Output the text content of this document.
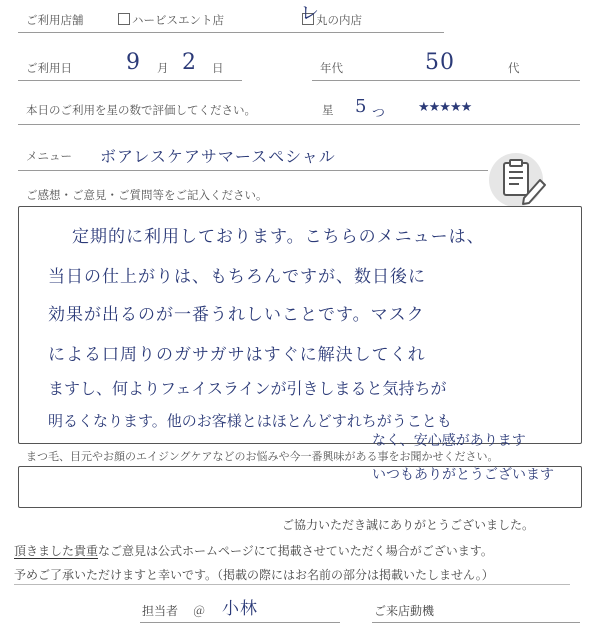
ご利用店舗	ハービスエント店	丸の内店
レ
ご利用日 9 月 2 日	年代	50	代
本日のご利用を星の数で評価してください。	星 5 つ ★★★★★
メニュー ボアレスケアサマースペシャル
ご感想・ご意見・ご質問等をご記入ください。
定期的に利用しております。こちらのメニューは、
当日の仕上がりは、もちろんですが、数日後に
効果が出るのが一番うれしいことです。マスク
による口周りのガサガサはすぐに解決してくれ
ますし、何よりフェイスラインが引きしまると気持ちが
明るくなります。他のお客様とはほとんどすれちがうことも
なく、安心感があります
まつ毛、目元やお顔のエイジングケアなどのお悩みや今一番興味がある事をお聞かせください。
いつもありがとうございます
ご協力いただき誠にありがとうございました。
頂きました貴重なご意見は公式ホームページにて掲載させていただく場合がございます。
予めご了承いただけますと幸いです。（掲載の際にはお名前の部分は掲載いたしません。）
担当者 ＠ 小林	ご来店動機
